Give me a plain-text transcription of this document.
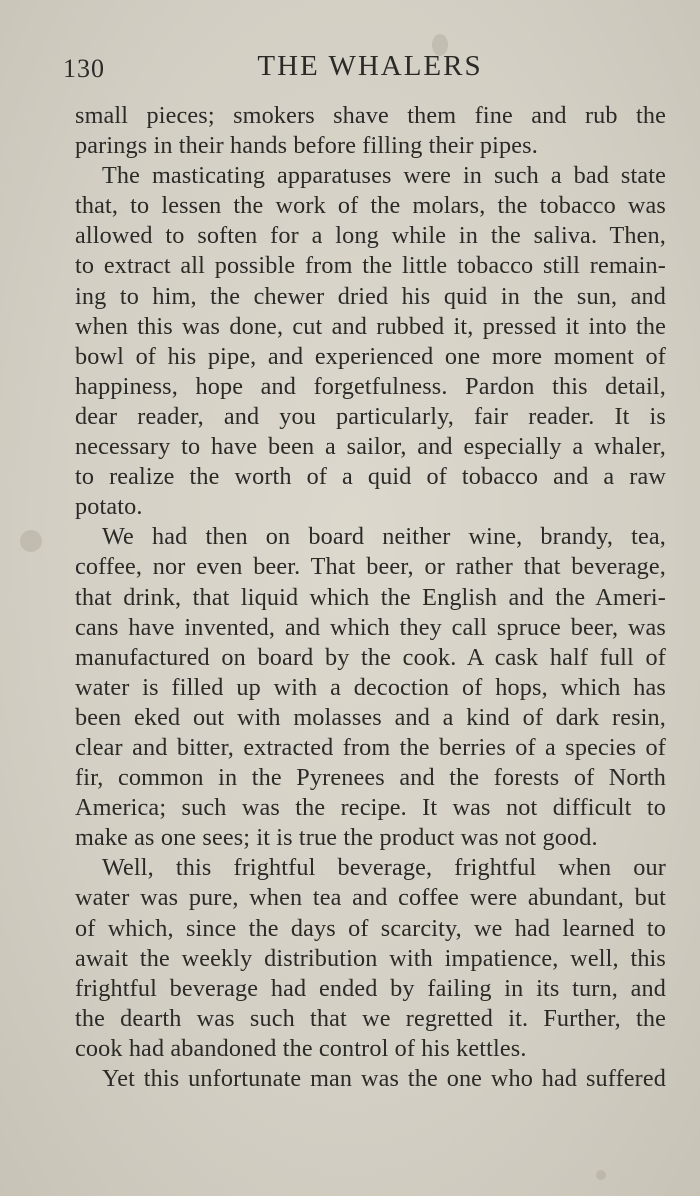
130	THE WHALERS
small pieces; smokers shave them fine and rub the
parings in their hands before filling their pipes.
The masticating apparatuses were in such a bad state
that, to lessen the work of the molars, the tobacco was
allowed to soften for a long while in the saliva. Then,
to extract all possible from the little tobacco still remain-
ing to him, the chewer dried his quid in the sun, and
when this was done, cut and rubbed it, pressed it into the
bowl of his pipe, and experienced one more moment of
happiness, hope and forgetfulness. Pardon this detail,
dear reader, and you particularly, fair reader. It is
necessary to have been a sailor, and especially a whaler,
to realize the worth of a quid of tobacco and a raw
potato.
We had then on board neither wine, brandy, tea,
coffee, nor even beer. That beer, or rather that beverage,
that drink, that liquid which the English and the Ameri-
cans have invented, and which they call spruce beer, was
manufactured on board by the cook. A cask half full of
water is filled up with a decoction of hops, which has
been eked out with molasses and a kind of dark resin,
clear and bitter, extracted from the berries of a species of
fir, common in the Pyrenees and the forests of North
America; such was the recipe. It was not difficult to
make as one sees; it is true the product was not good.
Well, this frightful beverage, frightful when our
water was pure, when tea and coffee were abundant, but
of which, since the days of scarcity, we had learned to
await the weekly distribution with impatience, well, this
frightful beverage had ended by failing in its turn, and
the dearth was such that we regretted it. Further, the
cook had abandoned the control of his kettles.
Yet this unfortunate man was the one who had suffered
